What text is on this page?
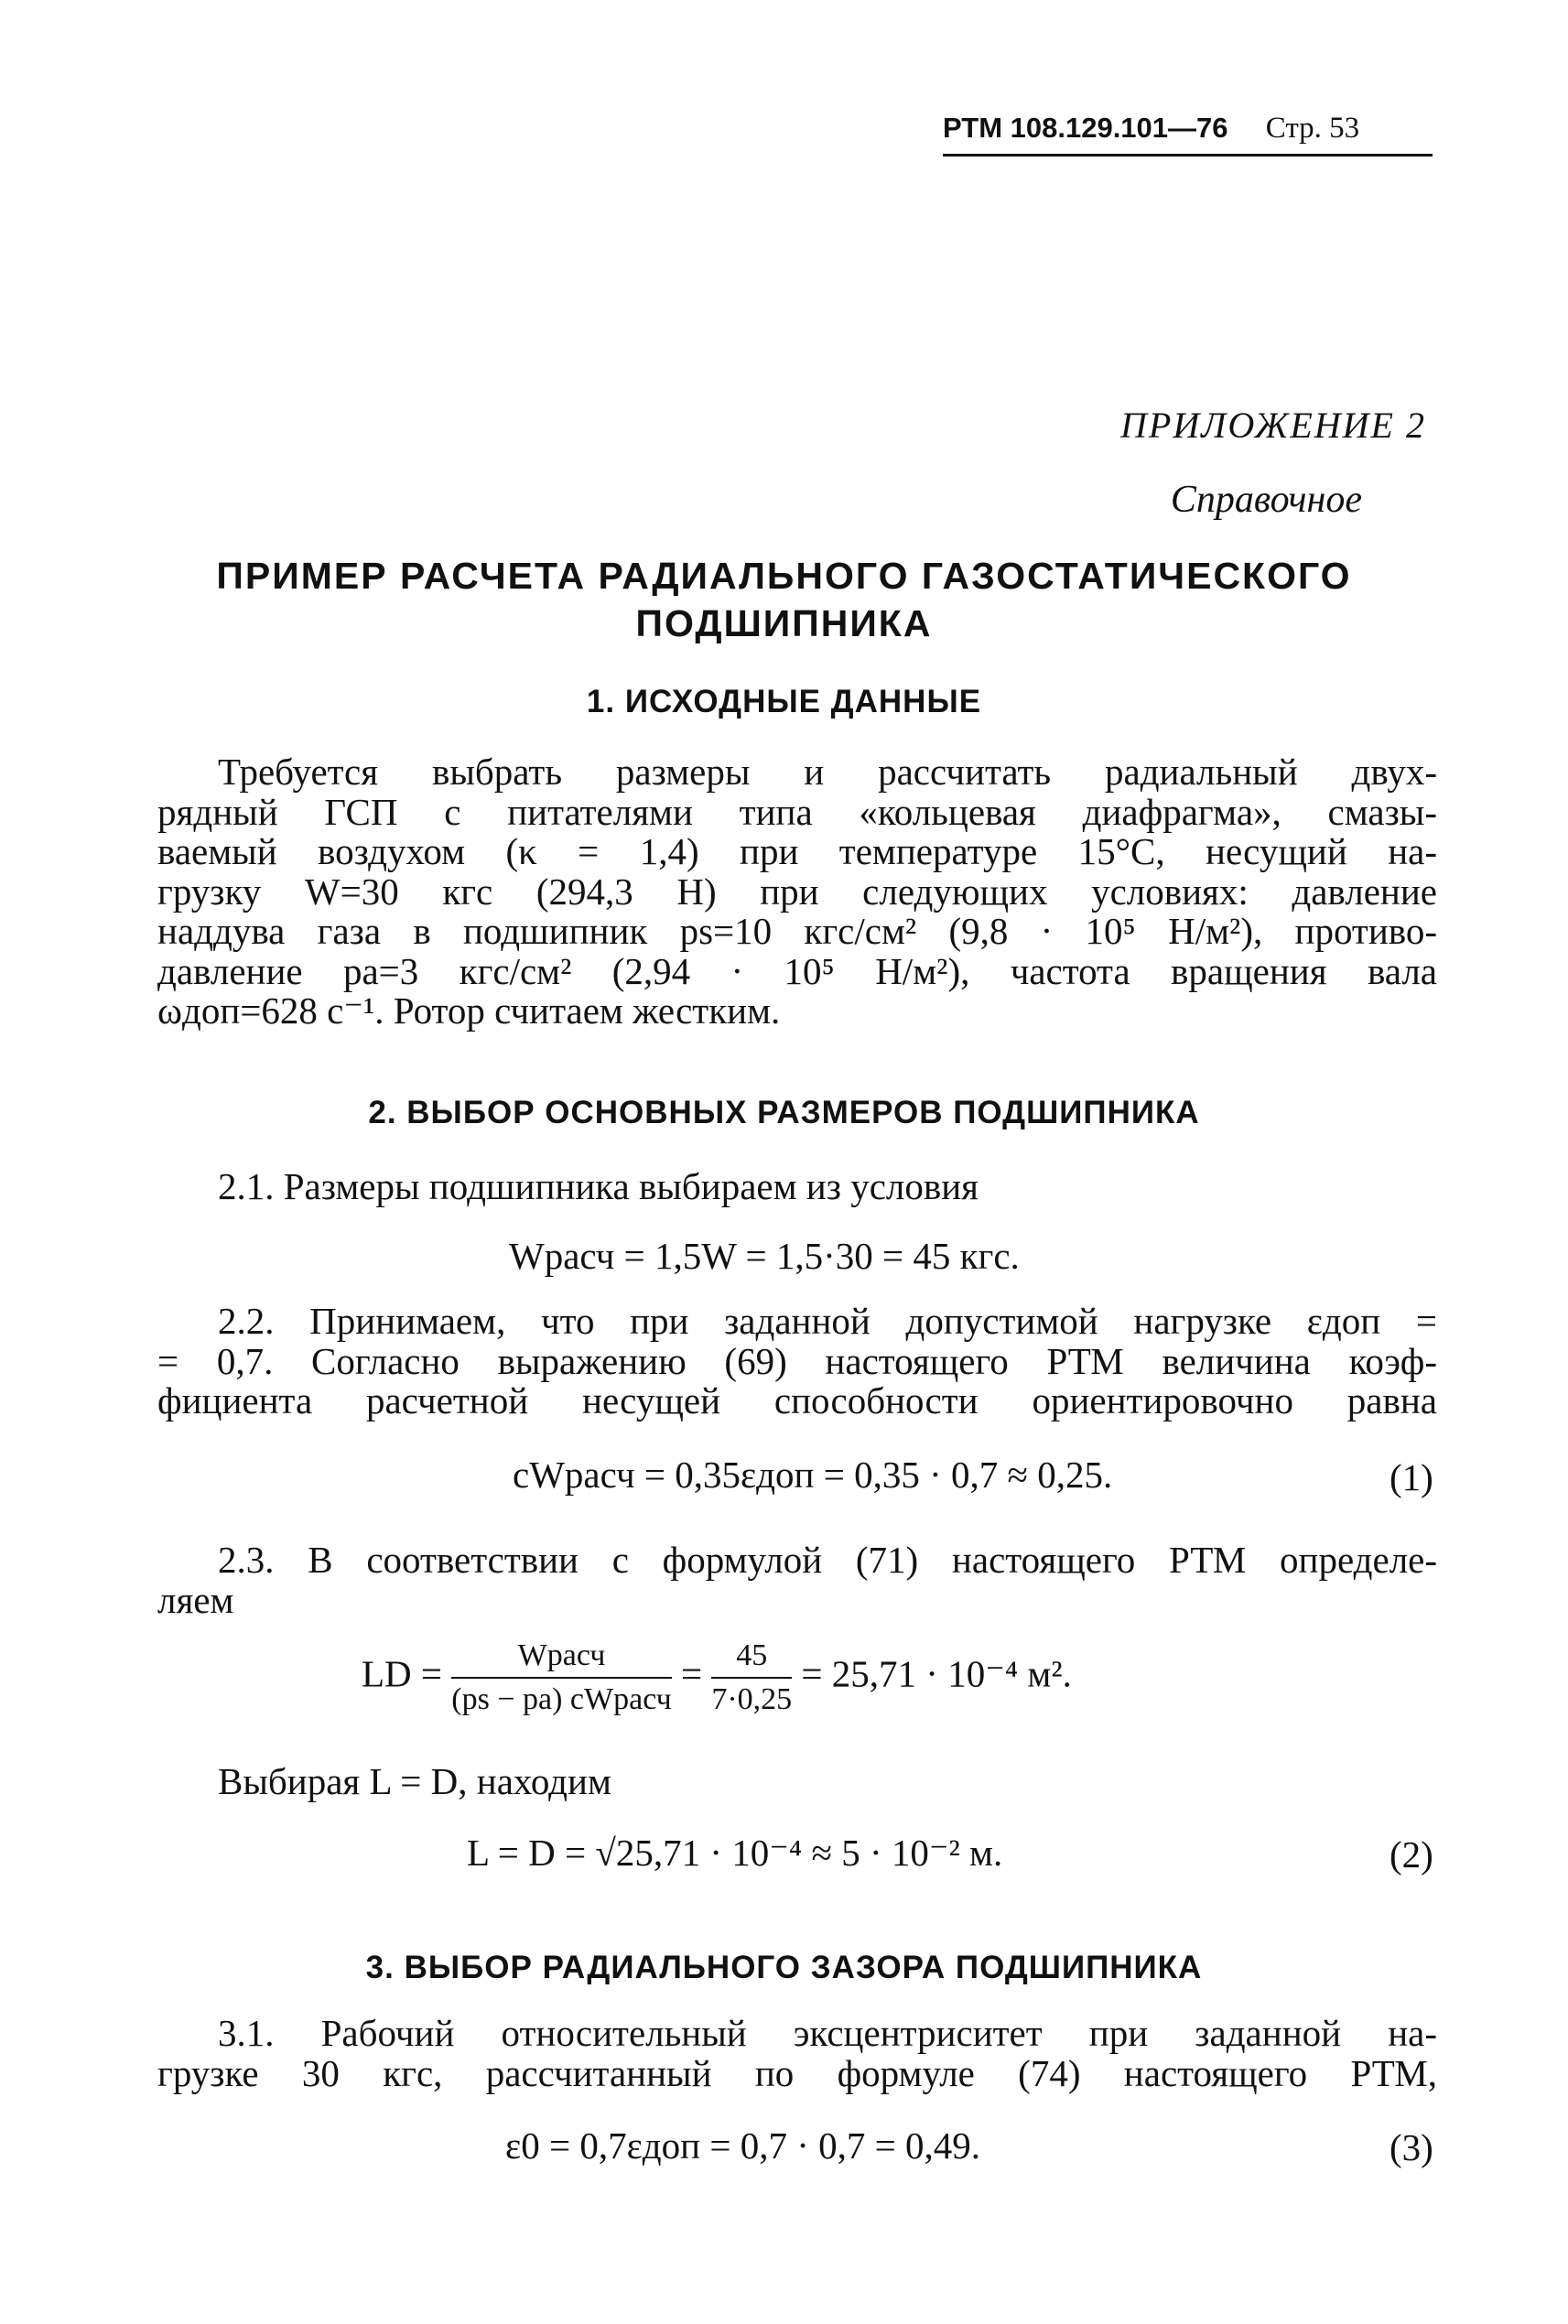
РТМ 108.129.101—76 Стр. 53
ПРИЛОЖЕНИЕ 2
Справочное
ПРИМЕР РАСЧЕТА РАДИАЛЬНОГО ГАЗОСТАТИЧЕСКОГО
ПОДШИПНИКА
1. ИСХОДНЫЕ ДАННЫЕ
Требуется выбрать размеры и рассчитать радиальный двух-
рядный ГСП с питателями типа «кольцевая диафрагма», смазы-
ваемый воздухом (κ = 1,4) при температуре 15°С, несущий на-
грузку W=30 кгс (294,3 Н) при следующих условиях: давление
наддува газа в подшипник ps=10 кгс/см² (9,8 · 10⁵ Н/м²), противо-
давление pa=3 кгс/см² (2,94 · 10⁵ Н/м²), частота вращения вала
ωдоп=628 с⁻¹. Ротор считаем жестким.
2. ВЫБОР ОСНОВНЫХ РАЗМЕРОВ ПОДШИПНИКА
2.1. Размеры подшипника выбираем из условия
Wрасч = 1,5W = 1,5·30 = 45 кгс.
2.2. Принимаем, что при заданной допустимой нагрузке εдоп =
= 0,7. Согласно выражению (69) настоящего РТМ величина коэф-
фициента расчетной несущей способности ориентировочно равна
cWрасч = 0,35εдоп = 0,35 · 0,7 ≈ 0,25.	(1)
2.3. В соответствии с формулой (71) настоящего РТМ определе-
ляем
LD = $\frac{\text{Wрасч}}{\text{(ps − pa) cWрасч}} = \frac{45}{7\cdot 0,25} = 25,71 \cdot 10^{-4}$ м².
Выбирая L = D, находим
L = D = √25,71 · 10⁻⁴ ≈ 5 · 10⁻² м.	(2)
3. ВЫБОР РАДИАЛЬНОГО ЗАЗОРА ПОДШИПНИКА
3.1. Рабочий относительный эксцентриситет при заданной на-
грузке 30 кгс, рассчитанный по формуле (74) настоящего РТМ,
ε0 = 0,7εдоп = 0,7 · 0,7 = 0,49.	(3)
